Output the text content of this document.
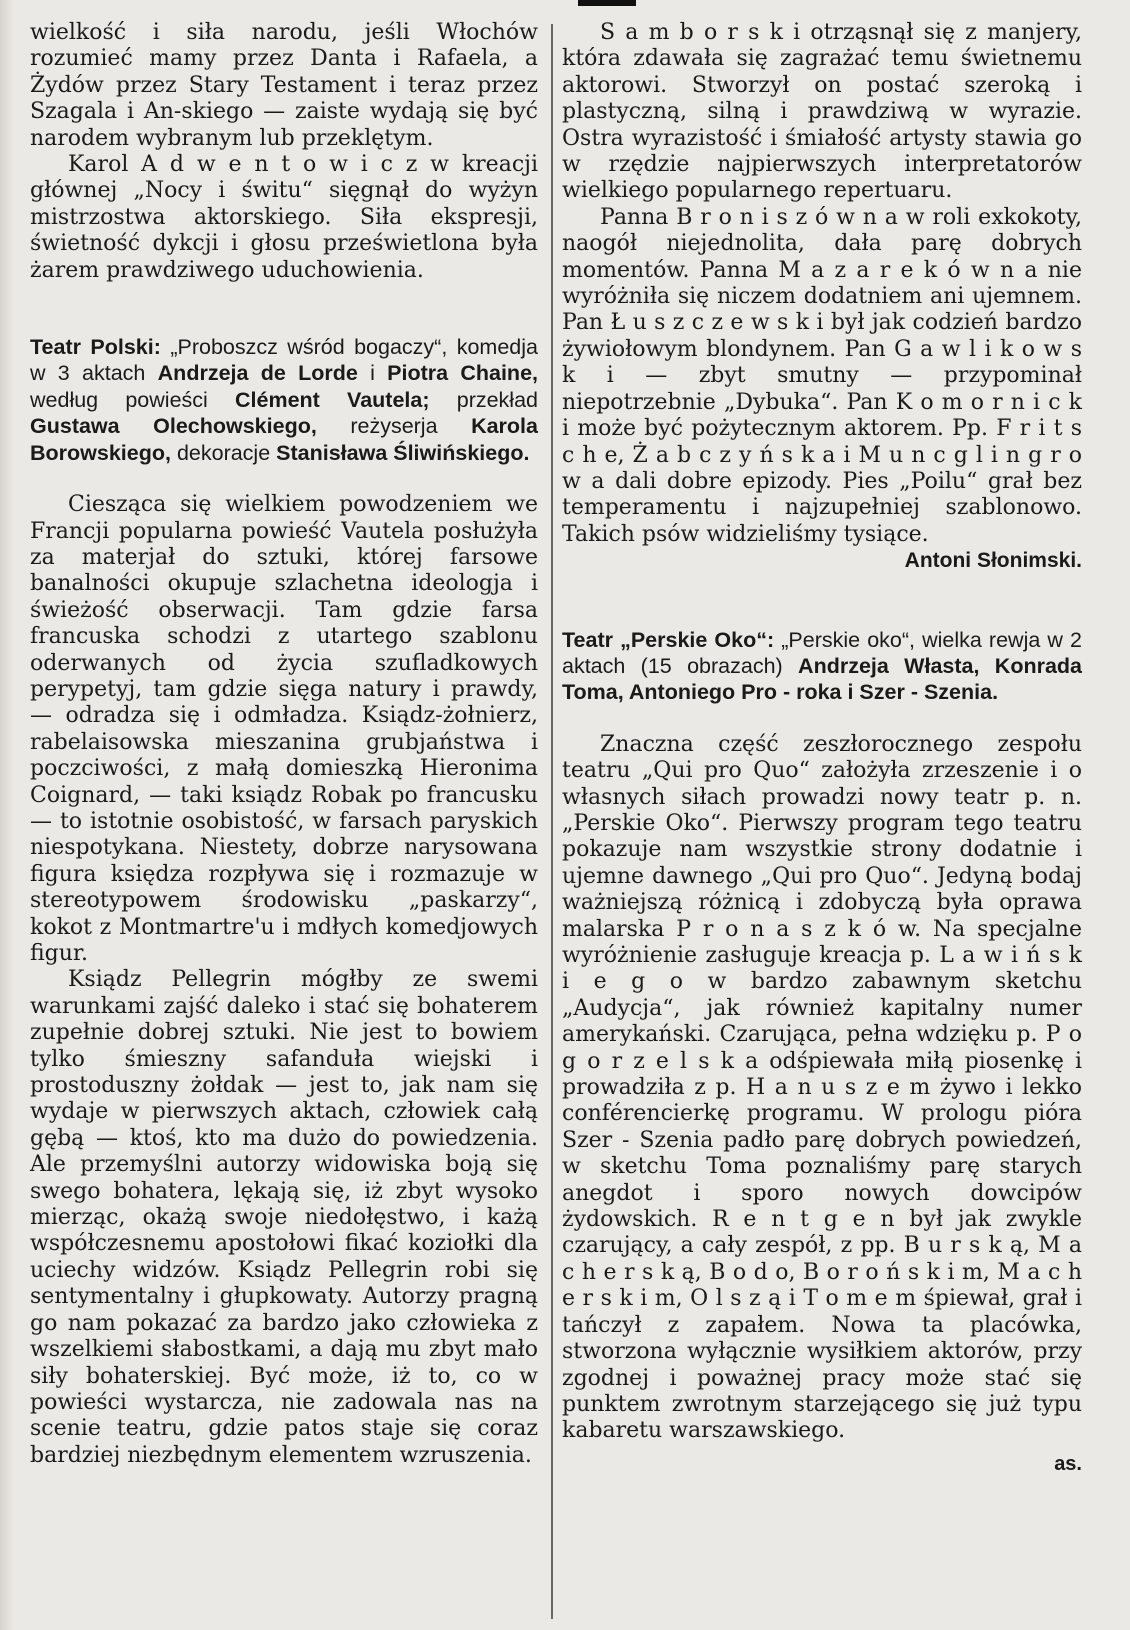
wielkość i siła narodu, jeśli Włochów rozumieć mamy przez Danta i Rafaela, a Żydów przez Stary Testament i teraz przez Szagala i An-skiego — zaiste wydają się być narodem wybranym lub przeklętym.

Karol A d w e n t o w i c z w kreacji głównej „Nocy i świtu“ sięgnął do wyżyn mistrzostwa aktorskiego. Siła ekspresji, świetność dykcji i głosu prześwietlona była żarem prawdziwego uduchowienia.

Teatr Polski: „Proboszcz wśród bogaczy“, komedja w 3 aktach Andrzeja de Lorde i Piotra Chaine, według powieści Clément Vautela; przekład Gustawa Olechowskiego, reżyserja Karola Borowskiego, dekoracje Stanisława Śliwińskiego.

Ciesząca się wielkiem powodzeniem we Francji popularna powieść Vautela posłużyła za materjał do sztuki, której farsowe banalności okupuje szlachetna ideologja i świeżość obserwacji. Tam gdzie farsa francuska schodzi z utartego szablonu oderwanych od życia szufladkowych perypetyj, tam gdzie sięga natury i prawdy, — odradza się i odmładza. Ksiądz-żołnierz, rabelaisowska mieszanina grubjaństwa i poczciwości, z małą domieszką Hieronima Coignard, — taki ksiądz Robak po francusku — to istotnie osobistość, w farsach paryskich niespotykana. Niestety, dobrze narysowana figura księdza rozpływa się i rozmazuje w stereotypowem środowisku „paskarzy“, kokot z Montmartre'u i mdłych komedjowych figur.

Ksiądz Pellegrin mógłby ze swemi warunkami zajść daleko i stać się bohaterem zupełnie dobrej sztuki. Nie jest to bowiem tylko śmieszny safanduła wiejski i prostoduszny żołdak — jest to, jak nam się wydaje w pierwszych aktach, człowiek całą gębą — ktoś, kto ma dużo do powiedzenia. Ale przemyślni autorzy widowiska boją się swego bohatera, lękają się, iż zbyt wysoko mierząc, okażą swoje niedołęstwo, i każą współczesnemu apostołowi fikać koziołki dla uciechy widzów. Ksiądz Pellegrin robi się sentymentalny i głupkowaty. Autorzy pragną go nam pokazać za bardzo jako człowieka z wszelkiemi słabostkami, a dają mu zbyt mało siły bohaterskiej. Być może, iż to, co w powieści wystarcza, nie zadowala nas na scenie teatru, gdzie patos staje się coraz bardziej niezbędnym elementem wzruszenia.

S a m b o r s k i otrząsnął się z manjery, która zdawała się zagrażać temu świetnemu aktorowi. Stworzył on postać szeroką i plastyczną, silną i prawdziwą w wyrazie. Ostra wyrazistość i śmiałość artysty stawia go w rzędzie najpierwszych interpretatorów wielkiego popularnego repertuaru.

Panna B r o n i s z ó w n a w roli exkokoty, naogół niejednolita, dała parę dobrych momentów. Panna M a z a r e k ó w n a nie wyróżniła się niczem dodatniem ani ujemnem. Pan Ł u s z c z e w s k i był jak codzień bardzo żywiołowym blondynem. Pan G a w l i k o w s k i — zbyt smutny — przypominał niepotrzebnie „Dybuka“. Pan K o m o r n i c k i może być pożytecznym aktorem. Pp. F r i t s c h e, Ż a b c z y ń s k a i M u n c g l i n g r o w a dali dobre epizody. Pies „Poilu“ grał bez temperamentu i najzupełniej szablonowo. Takich psów widzieliśmy tysiące.

Antoni Słonimski.

Teatr „Perskie Oko“: „Perskie oko“, wielka rewja w 2 aktach (15 obrazach) Andrzeja Własta, Konrada Toma, Antoniego Pro - roka i Szer - Szenia.

Znaczna część zeszłorocznego zespołu teatru „Qui pro Quo“ założyła zrzeszenie i o własnych siłach prowadzi nowy teatr p. n. „Perskie Oko“. Pierwszy program tego teatru pokazuje nam wszystkie strony dodatnie i ujemne dawnego „Qui pro Quo“. Jedyną bodaj ważniejszą różnicą i zdobyczą była oprawa malarska P r o n a s z k ó w. Na specjalne wyróżnienie zasługuje kreacja p. L a w i ń s k i e g o w bardzo zabawnym sketchu „Audycja“, jak również kapitalny numer amerykański. Czarująca, pełna wdzięku p. P o g o r z e l s k a odśpiewała miłą piosenkę i prowadziła z p. H a n u s z e m żywo i lekko conférencierkę programu. W prologu pióra Szer - Szenia padło parę dobrych powiedzeń, w sketchu Toma poznaliśmy parę starych anegdot i sporo nowych dowcipów żydowskich. R e n t g e n był jak zwykle czarujący, a cały zespół, z pp. B u r s k ą, M a c h e r s k ą, B o d o, B o r o ń s k i m, M a c h e r s k i m, O l s z ą i T o m e m śpiewał, grał i tańczył z zapałem. Nowa ta placówka, stworzona wyłącznie wysiłkiem aktorów, przy zgodnej i poważnej pracy może stać się punktem zwrotnym starzejącego się już typu kabaretu warszawskiego.

as.
